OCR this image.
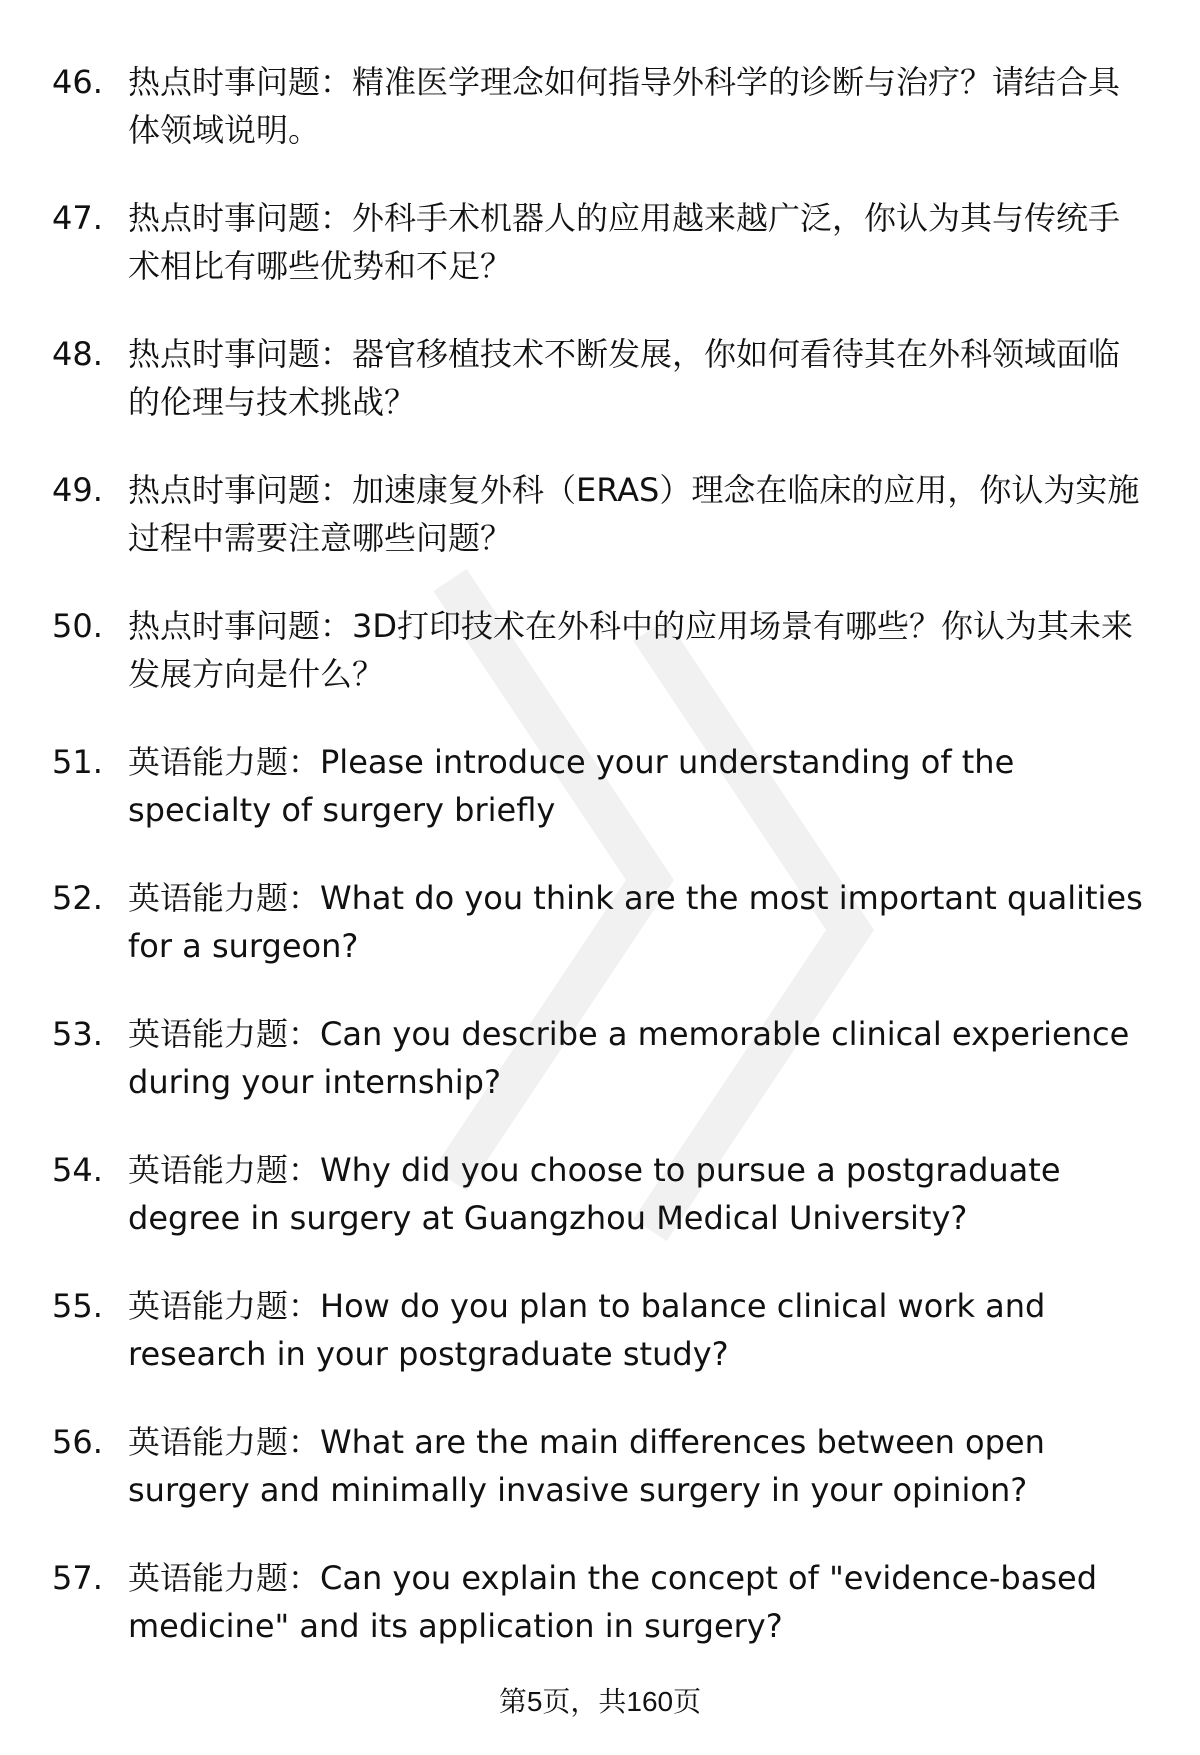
46. 热点时事问题：精准医学理念如何指导外科学的诊断与治疗？请结合具体领域说明。
47. 热点时事问题：外科手术机器人的应用越来越广泛，你认为其与传统手术相比有哪些优势和不足？
48. 热点时事问题：器官移植技术不断发展，你如何看待其在外科领域面临的伦理与技术挑战？
49. 热点时事问题：加速康复外科（ERAS）理念在临床的应用，你认为实施过程中需要注意哪些问题？
50. 热点时事问题：3D打印技术在外科中的应用场景有哪些？你认为其未来发展方向是什么？
51. 英语能力题：Please introduce your understanding of the specialty of surgery briefly
52. 英语能力题：What do you think are the most important qualities for a surgeon?
53. 英语能力题：Can you describe a memorable clinical experience during your internship?
54. 英语能力题：Why did you choose to pursue a postgraduate degree in surgery at Guangzhou Medical University?
55. 英语能力题：How do you plan to balance clinical work and research in your postgraduate study?
56. 英语能力题：What are the main differences between open surgery and minimally invasive surgery in your opinion?
57. 英语能力题：Can you explain the concept of "evidence-based medicine" and its application in surgery?
第5页，共160页
